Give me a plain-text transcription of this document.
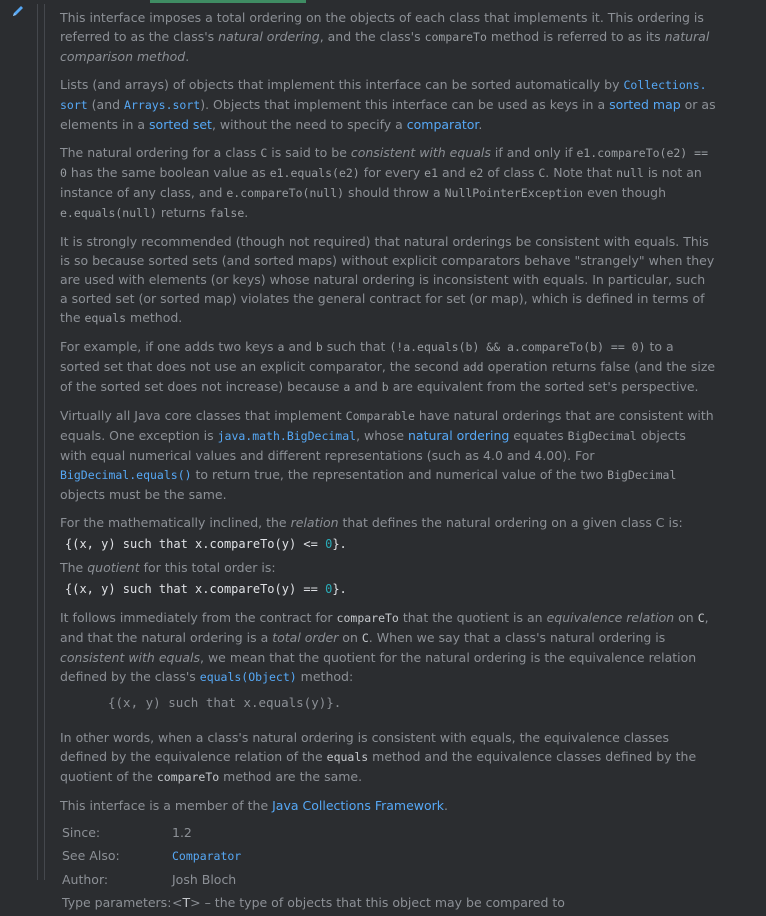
This interface imposes a total ordering on the objects of each class that implements it. This ordering is referred to as the class's natural ordering, and the class's compareTo method is referred to as its natural comparison method.

Lists (and arrays) of objects that implement this interface can be sorted automatically by Collections.
sort (and Arrays.sort). Objects that implement this interface can be used as keys in a sorted map or as elements in a sorted set, without the need to specify a comparator.

The natural ordering for a class C is said to be consistent with equals if and only if e1.compareTo(e2) == 0 has the same boolean value as e1.equals(e2) for every e1 and e2 of class C. Note that null is not an instance of any class, and e.compareTo(null) should throw a NullPointerException even though e.equals(null) returns false.

It is strongly recommended (though not required) that natural orderings be consistent with equals. This is so because sorted sets (and sorted maps) without explicit comparators behave "strangely" when they are used with elements (or keys) whose natural ordering is inconsistent with equals. In particular, such a sorted set (or sorted map) violates the general contract for set (or map), which is defined in terms of the equals method.

For example, if one adds two keys a and b such that (!a.equals(b) && a.compareTo(b) == 0) to a sorted set that does not use an explicit comparator, the second add operation returns false (and the size of the sorted set does not increase) because a and b are equivalent from the sorted set's perspective.

Virtually all Java core classes that implement Comparable have natural orderings that are consistent with equals. One exception is java.math.BigDecimal, whose natural ordering equates BigDecimal objects with equal numerical values and different representations (such as 4.0 and 4.00). For BigDecimal.equals() to return true, the representation and numerical value of the two BigDecimal objects must be the same.

For the mathematically inclined, the relation that defines the natural ordering on a given class C is:

{(x, y) such that x.compareTo(y) <= 0}.

The quotient for this total order is:

{(x, y) such that x.compareTo(y) == 0}.

It follows immediately from the contract for compareTo that the quotient is an equivalence relation on C, and that the natural ordering is a total order on C. When we say that a class's natural ordering is consistent with equals, we mean that the quotient for the natural ordering is the equivalence relation defined by the class's equals(Object) method:

{(x, y) such that x.equals(y)}.

In other words, when a class's natural ordering is consistent with equals, the equivalence classes defined by the equivalence relation of the equals method and the equivalence classes defined by the quotient of the compareTo method are the same.

This interface is a member of the Java Collections Framework.

Since:	1.2
See Also:	Comparator
Author:	Josh Bloch
Type parameters:	<T> – the type of objects that this object may be compared to
